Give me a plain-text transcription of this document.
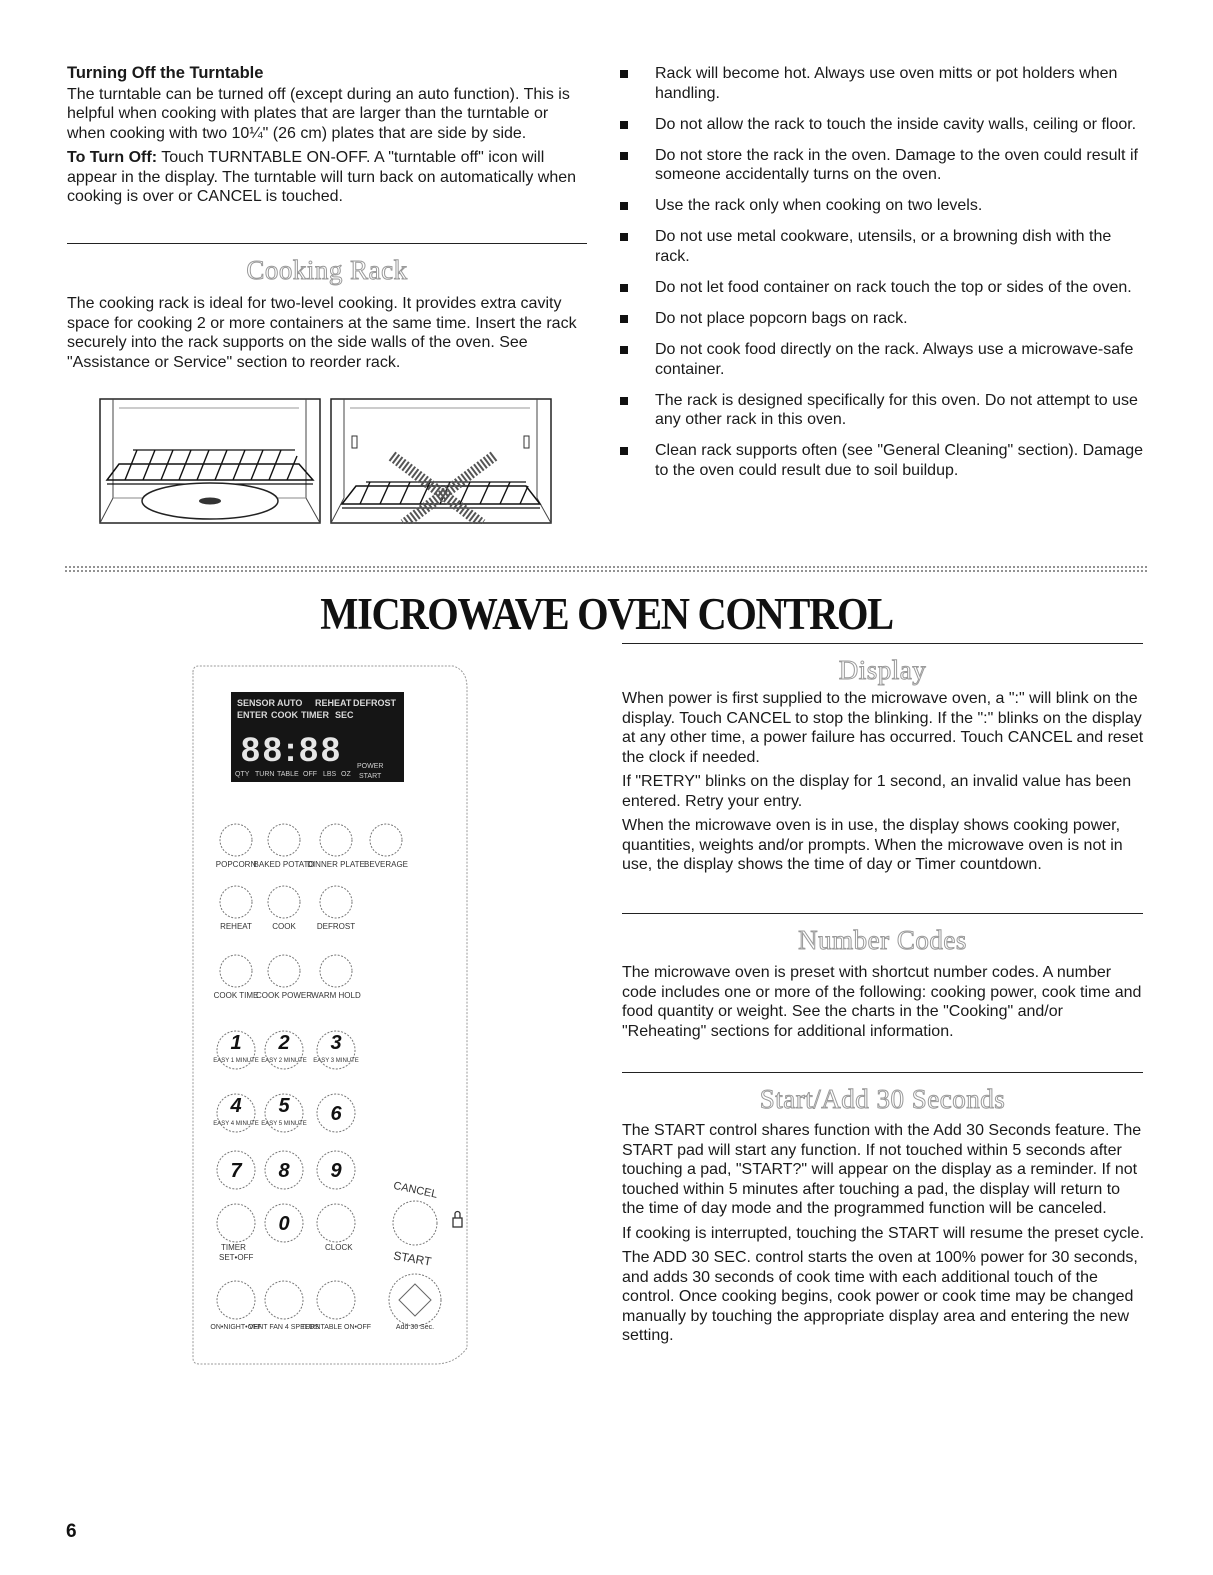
Turning Off the Turntable

The turntable can be turned off (except during an auto function). This is helpful when cooking with plates that are larger than the turntable or when cooking with two 10¼" (26 cm) plates that are side by side.

To Turn Off: Touch TURNTABLE ON-OFF. A "turntable off" icon will appear in the display. The turntable will turn back on automatically when cooking is over or CANCEL is touched.

Cooking Rack
The cooking rack is ideal for two-level cooking. It provides extra cavity space for cooking 2 or more containers at the same time. Insert the rack securely into the rack supports on the side walls of the oven. See "Assistance or Service" section to reorder rack.
Rack will become hot. Always use oven mitts or pot holders when handling.
Do not allow the rack to touch the inside cavity walls, ceiling or floor.
Do not store the rack in the oven. Damage to the oven could result if someone accidentally turns on the oven.
Use the rack only when cooking on two levels.
Do not use metal cookware, utensils, or a browning dish with the rack.
Do not let food container on rack touch the top or sides of the oven.
Do not place popcorn bags on rack.
Do not cook food directly on the rack. Always use a microwave-safe container.
The rack is designed specifically for this oven. Do not attempt to use any other rack in this oven.
Clean rack supports often (see "General Cleaning" section). Damage to the oven could result due to soil buildup.
MICROWAVE OVEN CONTROL
SENSOR AUTO REHEAT DEFROST
ENTER COOK TIMER SEC
88:88
QTY TURN TABLE OFF LBS OZ
POWER
START
POPCORN
BAKED POTATO
DINNER PLATE BEVERAGE
REHEAT	COOK	DEFROST
COOK TIME
COOK POWER WARM HOLD
1 2 3
4 5 6
7 8 9
0
EASY 1 MINUTE EASY 2 MINUTE EASY 3 MINUTE
EASY 4 MINUTE EASY 5 MINUTE
TIMER
SET•OFF
CLOCK
CANCEL
START
ON•NIGHT•OFF
VENT FAN 4 SPEEDS
TURNTABLE ON•OFF	Add 30 Sec.
Display

When power is first supplied to the microwave oven, a ":" will blink on the display. Touch CANCEL to stop the blinking. If the ":" blinks on the display at any other time, a power failure has occurred. Touch CANCEL and reset the clock if needed.

If "RETRY" blinks on the display for 1 second, an invalid value has been entered. Retry your entry.

When the microwave oven is in use, the display shows cooking power, quantities, weights and/or prompts. When the microwave oven is not in use, the display shows the time of day or Timer countdown.

Number Codes
The microwave oven is preset with shortcut number codes. A number code includes one or more of the following: cooking power, cook time and food quantity or weight. See the charts in the "Cooking" and/or "Reheating" sections for additional information.
Start/Add 30 Seconds

The START control shares function with the Add 30 Seconds feature. The START pad will start any function. If not touched within 5 seconds after touching a pad, "START?" will appear on the display as a reminder. If not touched within 5 minutes after touching a pad, the display will return to the time of day mode and the programmed function will be canceled.

If cooking is interrupted, touching the START will resume the preset cycle.

The ADD 30 SEC. control starts the oven at 100% power for 30 seconds, and adds 30 seconds of cook time with each additional touch of the control. Once cooking begins, cook power or cook time may be changed manually by touching the appropriate display area and entering the new setting.

6
